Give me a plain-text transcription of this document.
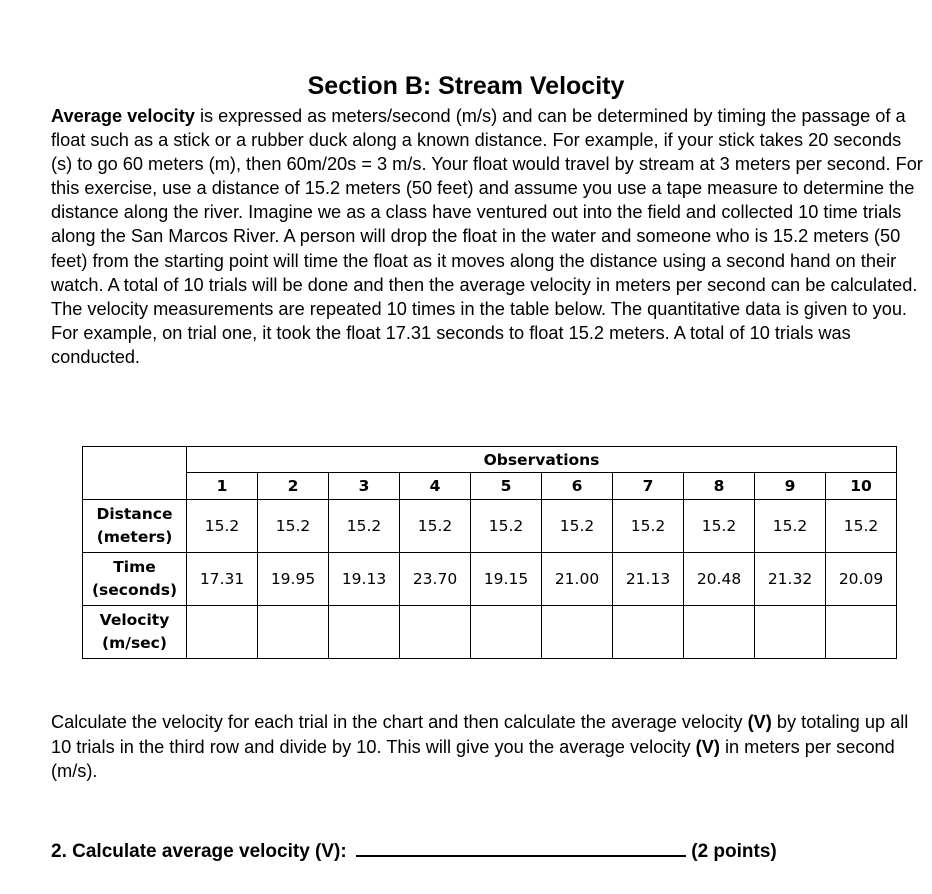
Section B: Stream Velocity
Average velocity is expressed as meters/second (m/s) and can be determined by timing the passage of a float such as a stick or a rubber duck along a known distance. For example, if your stick takes 20 seconds (s) to go 60 meters (m), then 60m/20s = 3 m/s. Your float would travel by stream at 3 meters per second. For this exercise, use a distance of 15.2 meters (50 feet) and assume you use a tape measure to determine the distance along the river. Imagine we as a class have ventured out into the field and collected 10 time trials along the San Marcos River. A person will drop the float in the water and someone who is 15.2 meters (50 feet) from the starting point will time the float as it moves along the distance using a second hand on their watch. A total of 10 trials will be done and then the average velocity in meters per second can be calculated. The velocity measurements are repeated 10 times in the table below. The quantitative data is given to you. For example, on trial one, it took the float 17.31 seconds to float 15.2 meters. A total of 10 trials was conducted.
	Observations									
	1	2	3	4	5	6	7	8	9	10

Distance
(meters)	15.2	15.2	15.2	15.2	15.2	15.2	15.2	15.2	15.2	15.2

Time
(seconds)	17.31	19.95	19.13	23.70	19.15	21.00	21.13	20.48	21.32	20.09

Velocity
(m/sec)										

Calculate the velocity for each trial in the chart and then calculate the average velocity (V) by totaling up all 10 trials in the third row and divide by 10. This will give you the average velocity (V) in meters per second (m/s).
2. Calculate average velocity (V):	(2 points)
